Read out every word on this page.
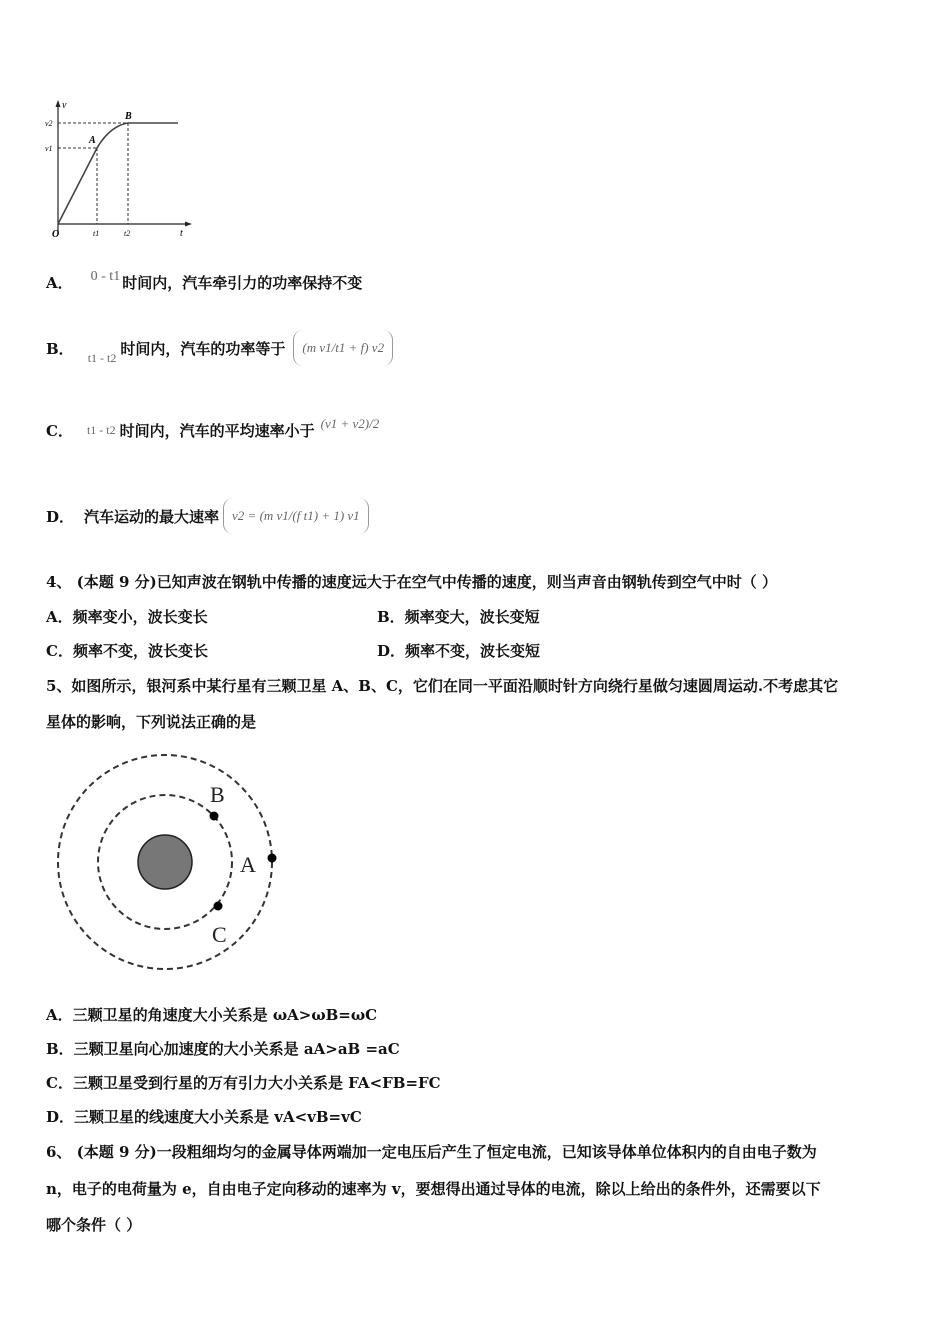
v
t
O
v2
v1
t1	t2
A
B
A． 0 - t1 时间内，汽车牵引力的功率保持不变
B． t1 - t2 时间内，汽车的功率等于	(m v1/t1 + f) v2
C． t1 - t2 时间内，汽车的平均速率小于 (v1 + v2)/2
D． 汽车运动的最大速率	v2 = (m v1/(f t1) + 1) v1
4、 (本题 9 分)已知声波在钢轨中传播的速度远大于在空气中传播的速度，则当声音由钢轨传到空气中时（ ）
A．频率变小，波长变长	B．频率变大，波长变短
C．频率不变，波长变长	D．频率不变，波长变短
5、如图所示，银河系中某行星有三颗卫星 A、B、C，它们在同一平面沿顺时针方向绕行星做匀速圆周运动.不考虑其它
星体的影响，下列说法正确的是
B
A
C
A．三颗卫星的角速度大小关系是 ωA>ωB=ωC
B．三颗卫星向心加速度的大小关系是 aA>aB =aC
C．三颗卫星受到行星的万有引力大小关系是 FA<FB=FC
D．三颗卫星的线速度大小关系是 vA<vB=vC
6、 (本题 9 分)一段粗细均匀的金属导体两端加一定电压后产生了恒定电流，已知该导体单位体积内的自由电子数为
n，电子的电荷量为 e，自由电子定向移动的速率为 v，要想得出通过导体的电流，除以上给出的条件外，还需要以下
哪个条件（ ）
